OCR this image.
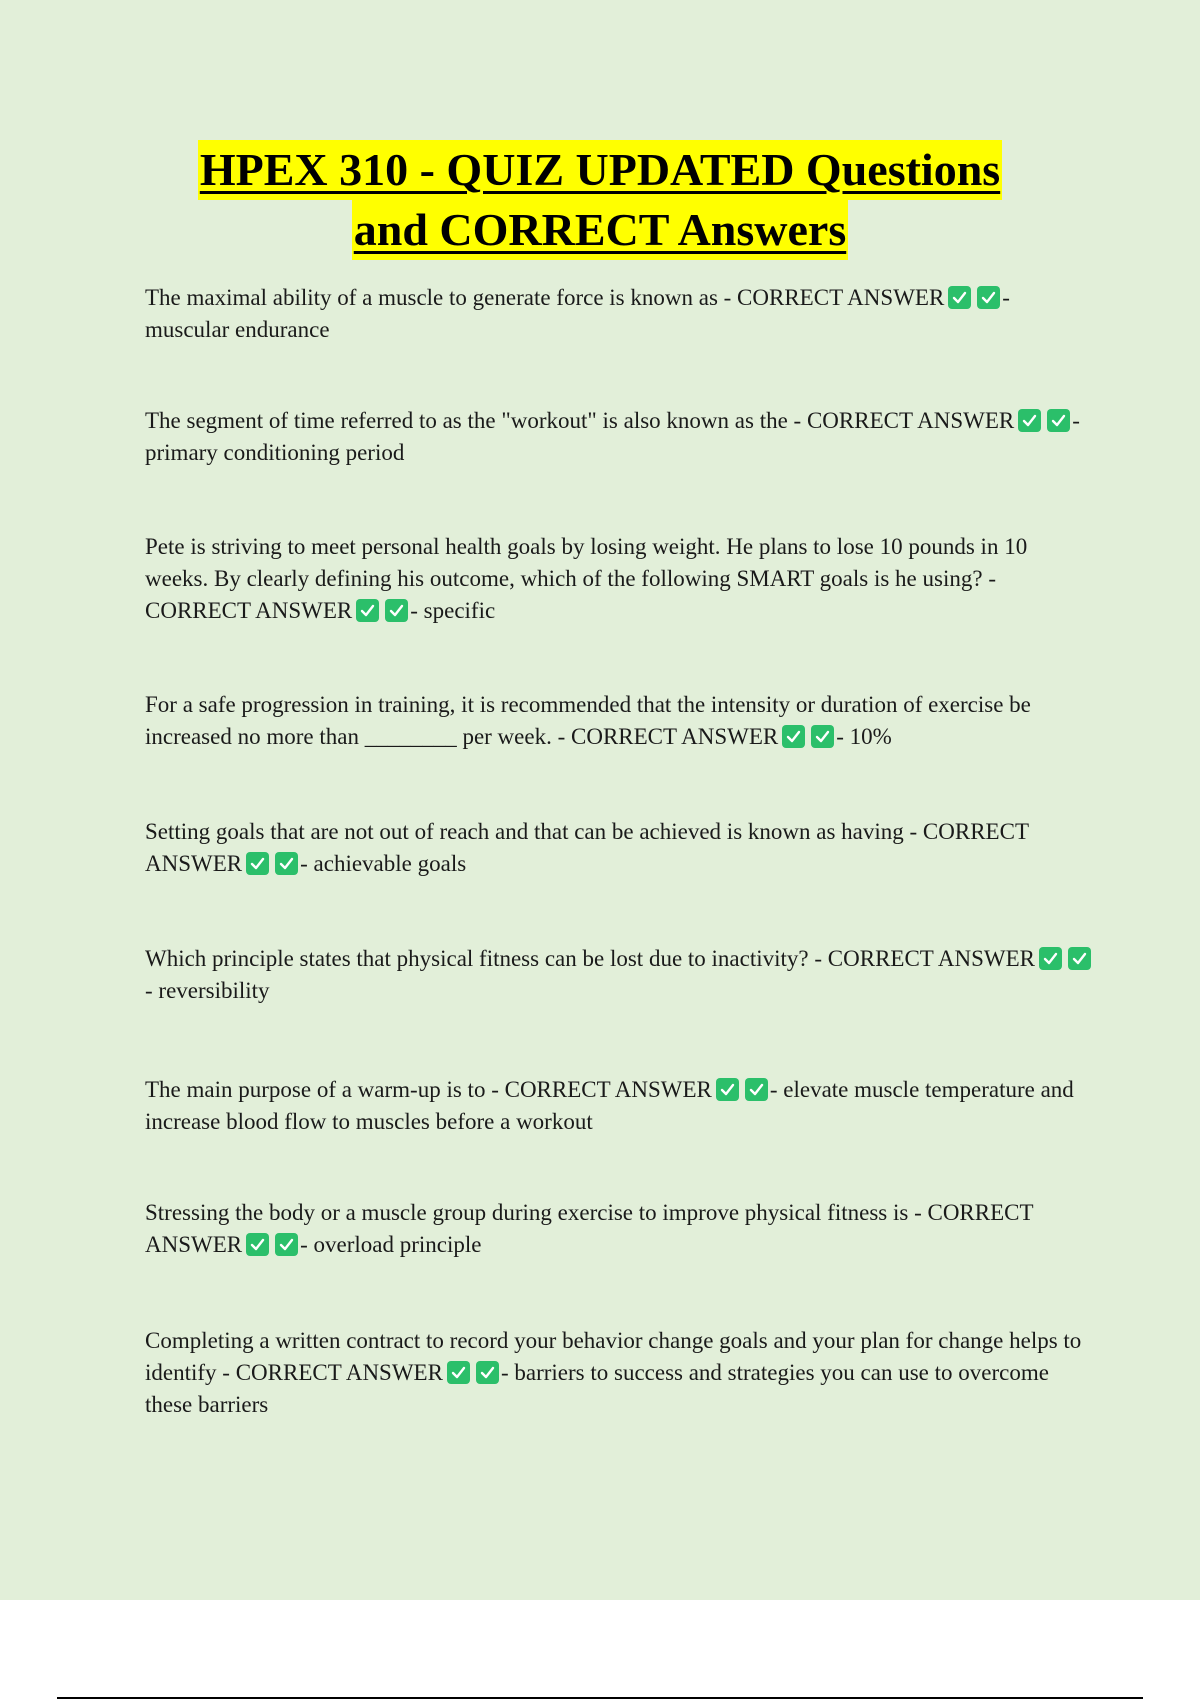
HPEX 310 - QUIZ UPDATED Questions
and CORRECT Answers

The maximal ability of a muscle to generate force is known as - CORRECT ANSWER	- muscular endurance

The segment of time referred to as the "workout" is also known as the - CORRECT ANSWER	- primary conditioning period

Pete is striving to meet personal health goals by losing weight. He plans to lose 10 pounds in 10 weeks. By clearly defining his outcome, which of the following SMART goals is he using? - CORRECT ANSWER	- specific

For a safe progression in training, it is recommended that the intensity or duration of exercise be increased no more than ________ per week. - CORRECT ANSWER	- 10%

Setting goals that are not out of reach and that can be achieved is known as having - CORRECT ANSWER	- achievable goals

Which principle states that physical fitness can be lost due to inactivity? - CORRECT ANSWER
- reversibility

The main purpose of a warm-up is to - CORRECT ANSWER	- elevate muscle temperature and increase blood flow to muscles before a workout

Stressing the body or a muscle group during exercise to improve physical fitness is - CORRECT ANSWER	- overload principle

Completing a written contract to record your behavior change goals and your plan for change helps to identify - CORRECT ANSWER	- barriers to success and strategies you can use to overcome these barriers
